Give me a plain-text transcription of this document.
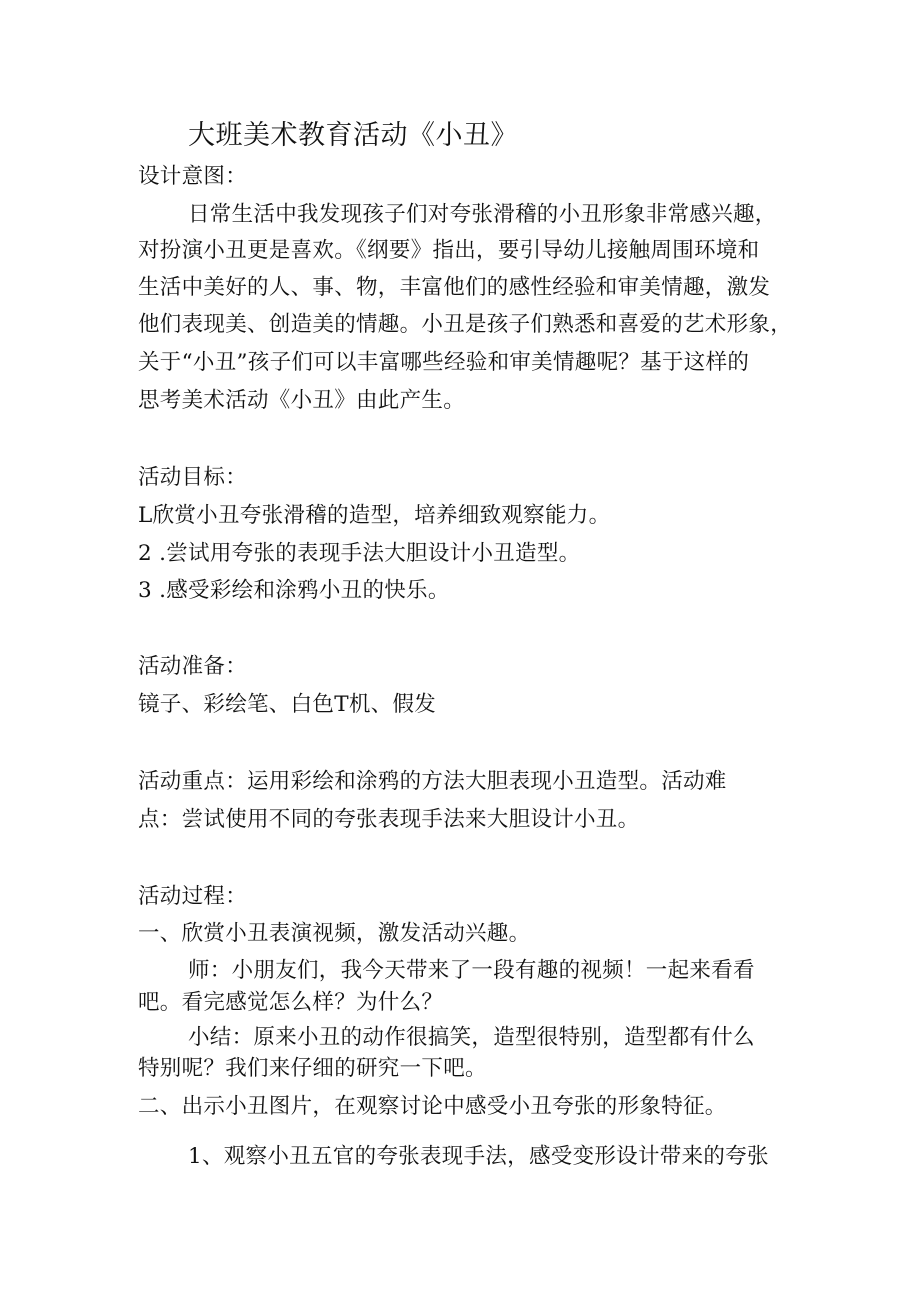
大班美术教育活动《小丑》
设计意图：
日常生活中我发现孩子们对夸张滑稽的小丑形象非常感兴趣，
对扮演小丑更是喜欢。《纲要》指出，要引导幼儿接触周围环境和
生活中美好的人、事、物，丰富他们的感性经验和审美情趣，激发
他们表现美、创造美的情趣。小丑是孩子们熟悉和喜爱的艺术形象，
关于“小丑”孩子们可以丰富哪些经验和审美情趣呢？基于这样的
思考美术活动《小丑》由此产生。
活动目标：
L欣赏小丑夸张滑稽的造型，培养细致观察能力。
2 .尝试用夸张的表现手法大胆设计小丑造型。
3 .感受彩绘和涂鸦小丑的快乐。
活动准备：
镜子、彩绘笔、白色T机、假发
活动重点：运用彩绘和涂鸦的方法大胆表现小丑造型。活动难
点：尝试使用不同的夸张表现手法来大胆设计小丑。
活动过程：
一、欣赏小丑表演视频，激发活动兴趣。
师：小朋友们，我今天带来了一段有趣的视频！一起来看看
吧。看完感觉怎么样？为什么？
小结：原来小丑的动作很搞笑，造型很特别，造型都有什么
特别呢？我们来仔细的研究一下吧。
二、出示小丑图片，在观察讨论中感受小丑夸张的形象特征。
1、观察小丑五官的夸张表现手法，感受变形设计带来的夸张
